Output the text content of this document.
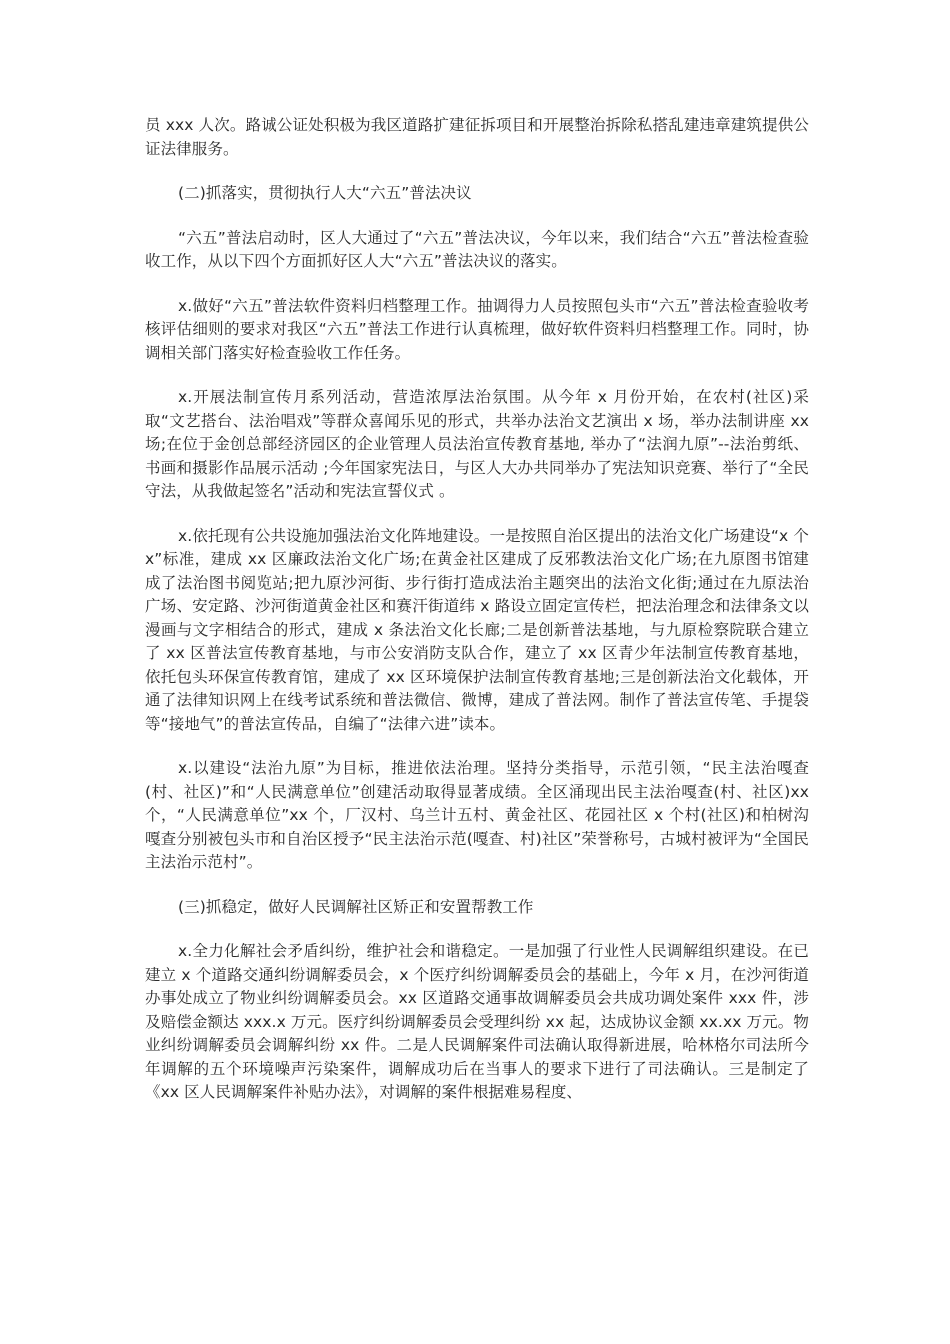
员 xxx 人次。路诚公证处积极为我区道路扩建征拆项目和开展整治拆除私搭乱建违章建筑提供公证法律服务。

(二)抓落实，贯彻执行人大“六五”普法决议

“六五”普法启动时，区人大通过了“六五”普法决议，今年以来，我们结合“六五”普法检查验收工作，从以下四个方面抓好区人大“六五”普法决议的落实。

x.做好“六五”普法软件资料归档整理工作。抽调得力人员按照包头市“六五”普法检查验收考核评估细则的要求对我区“六五”普法工作进行认真梳理，做好软件资料归档整理工作。同时，协调相关部门落实好检查验收工作任务。

x.开展法制宣传月系列活动，营造浓厚法治氛围。从今年 x 月份开始，在农村(社区)采取“文艺搭台、法治唱戏”等群众喜闻乐见的形式，共举办法治文艺演出 x 场，举办法制讲座 xx 场;在位于金创总部经济园区的企业管理人员法治宣传教育基地, 举办了“法润九原”--法治剪纸、书画和摄影作品展示活动 ;今年国家宪法日，与区人大办共同举办了宪法知识竞赛、举行了“全民守法，从我做起签名”活动和宪法宣誓仪式 。

x.依托现有公共设施加强法治文化阵地建设。一是按照自治区提出的法治文化广场建设“x 个 x”标准，建成 xx 区廉政法治文化广场;在黄金社区建成了反邪教法治文化广场;在九原图书馆建成了法治图书阅览站;把九原沙河街、步行街打造成法治主题突出的法治文化街;通过在九原法治广场、安定路、沙河街道黄金社区和赛汗街道纬 x 路设立固定宣传栏，把法治理念和法律条文以漫画与文字相结合的形式，建成 x 条法治文化长廊;二是创新普法基地，与九原检察院联合建立了 xx 区普法宣传教育基地，与市公安消防支队合作，建立了 xx 区青少年法制宣传教育基地，依托包头环保宣传教育馆，建成了 xx 区环境保护法制宣传教育基地;三是创新法治文化载体，开通了法律知识网上在线考试系统和普法微信、微博，建成了普法网。制作了普法宣传笔、手提袋等“接地气”的普法宣传品，自编了“法律六进”读本。

x.以建设“法治九原”为目标，推进依法治理。坚持分类指导，示范引领，“民主法治嘎查(村、社区)”和“人民满意单位”创建活动取得显著成绩。全区涌现出民主法治嘎查(村、社区)xx 个，“人民满意单位”xx 个，厂汉村、乌兰计五村、黄金社区、花园社区 x 个村(社区)和柏树沟嘎查分别被包头市和自治区授予“民主法治示范(嘎查、村)社区”荣誉称号，古城村被评为“全国民主法治示范村”。

(三)抓稳定，做好人民调解社区矫正和安置帮教工作

x.全力化解社会矛盾纠纷，维护社会和谐稳定。一是加强了行业性人民调解组织建设。在已建立 x 个道路交通纠纷调解委员会，x 个医疗纠纷调解委员会的基础上，今年 x 月，在沙河街道办事处成立了物业纠纷调解委员会。xx 区道路交通事故调解委员会共成功调处案件 xxx 件，涉及赔偿金额达 xxx.x 万元。医疗纠纷调解委员会受理纠纷 xx 起，达成协议金额 xx.xx 万元。物业纠纷调解委员会调解纠纷 xx 件。二是人民调解案件司法确认取得新进展，哈林格尔司法所今年调解的五个环境噪声污染案件，调解成功后在当事人的要求下进行了司法确认。三是制定了《xx 区人民调解案件补贴办法》，对调解的案件根据难易程度、
